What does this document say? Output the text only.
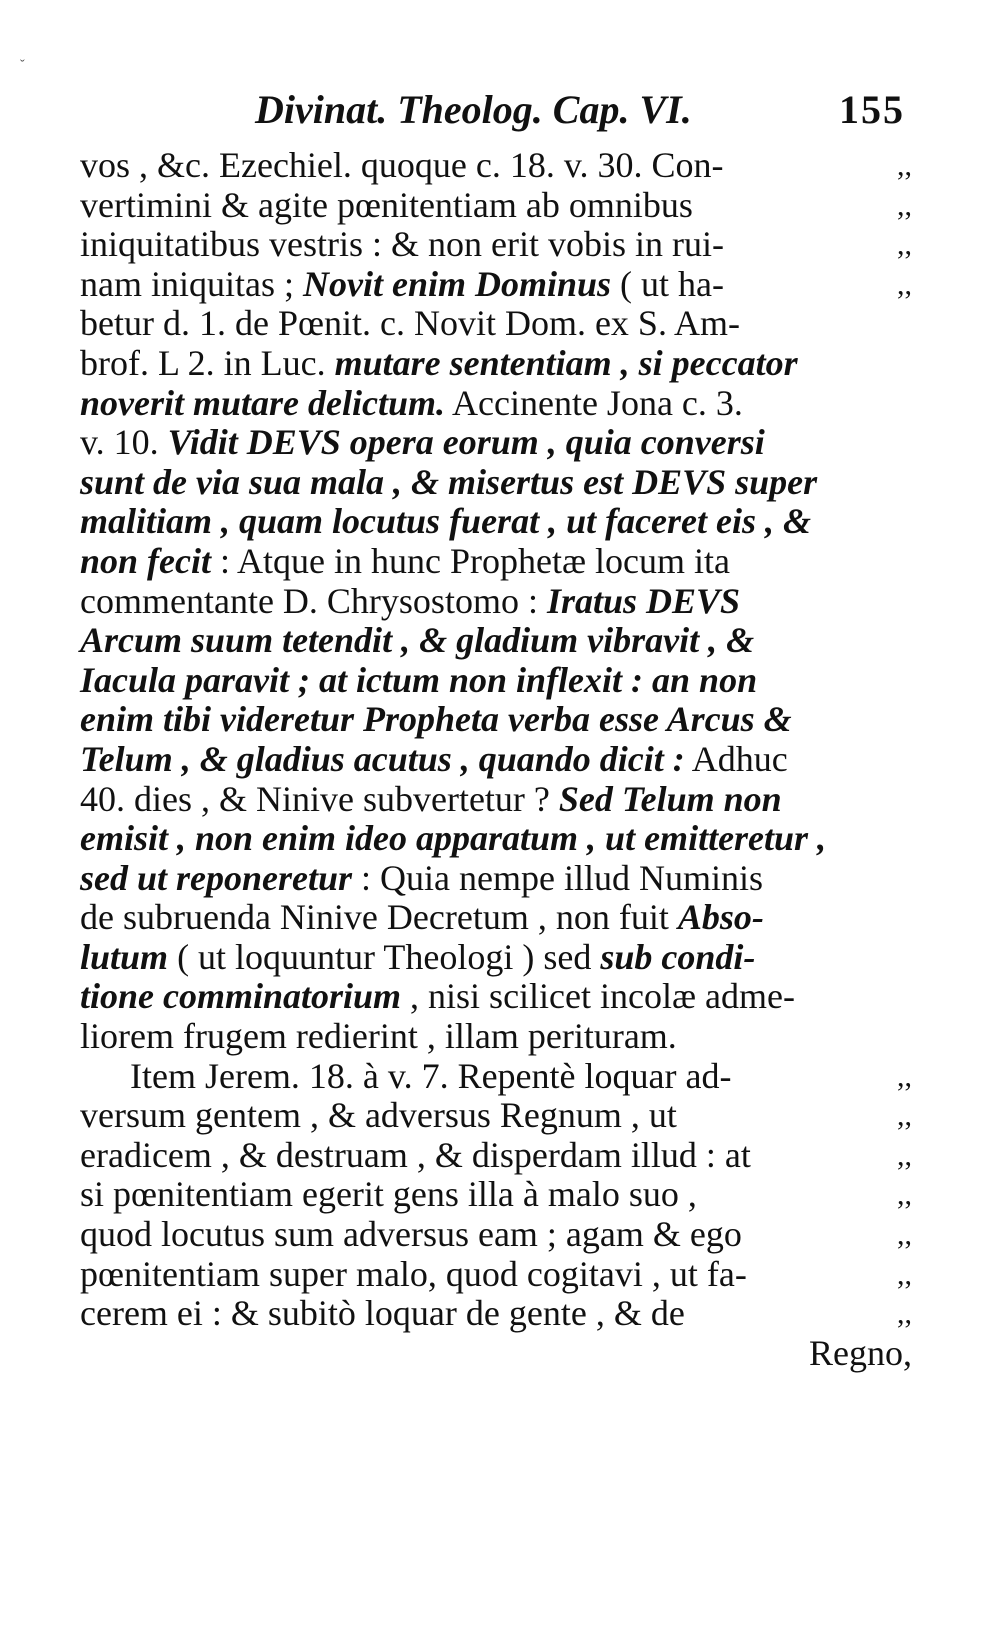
ˇ
Divinat. Theolog. Cap. VI.	155
,,
vos , &c. Ezechiel. quoque c. 18. v. 30. Con-
,,
vertimini & agite pœnitentiam ab omnibus
,,
iniquitatibus vestris : & non erit vobis in rui-
,,
nam iniquitas ; Novit enim Dominus ( ut ha-
betur d. 1. de Pœnit. c. Novit Dom. ex S. Am-
brof. L 2. in Luc. mutare sententiam , si peccator
noverit mutare delictum. Accinente Jona c. 3.
v. 10. Vidit DEVS opera eorum , quia conversi
sunt de via sua mala , & misertus est DEVS super
malitiam , quam locutus fuerat , ut faceret eis , &
non fecit : Atque in hunc Prophetæ locum ita
commentante D. Chrysostomo : Iratus DEVS
Arcum suum tetendit , & gladium vibravit , &
Iacula paravit ; at ictum non inflexit : an non
enim tibi videretur Propheta verba esse Arcus &
Telum , & gladius acutus , quando dicit : Adhuc
40. dies , & Ninive subvertetur ? Sed Telum non
emisit , non enim ideo apparatum , ut emitteretur ,
sed ut reponeretur : Quia nempe illud Numinis
de subruenda Ninive Decretum , non fuit Abso-
lutum ( ut loquuntur Theologi ) sed sub condi-
tione comminatorium , nisi scilicet incolæ adme-
liorem frugem redierint , illam perituram.
,,
Item Jerem. 18. à v. 7. Repentè loquar ad-
,,
versum gentem , & adversus Regnum , ut
,,
eradicem , & destruam , & disperdam illud : at
,,
si pœnitentiam egerit gens illa à malo suo ,
,,
quod locutus sum adversus eam ; agam & ego
,,
pœnitentiam super malo, quod cogitavi , ut fa-
,,
cerem ei : & subitò loquar de gente , & de
Regno,
